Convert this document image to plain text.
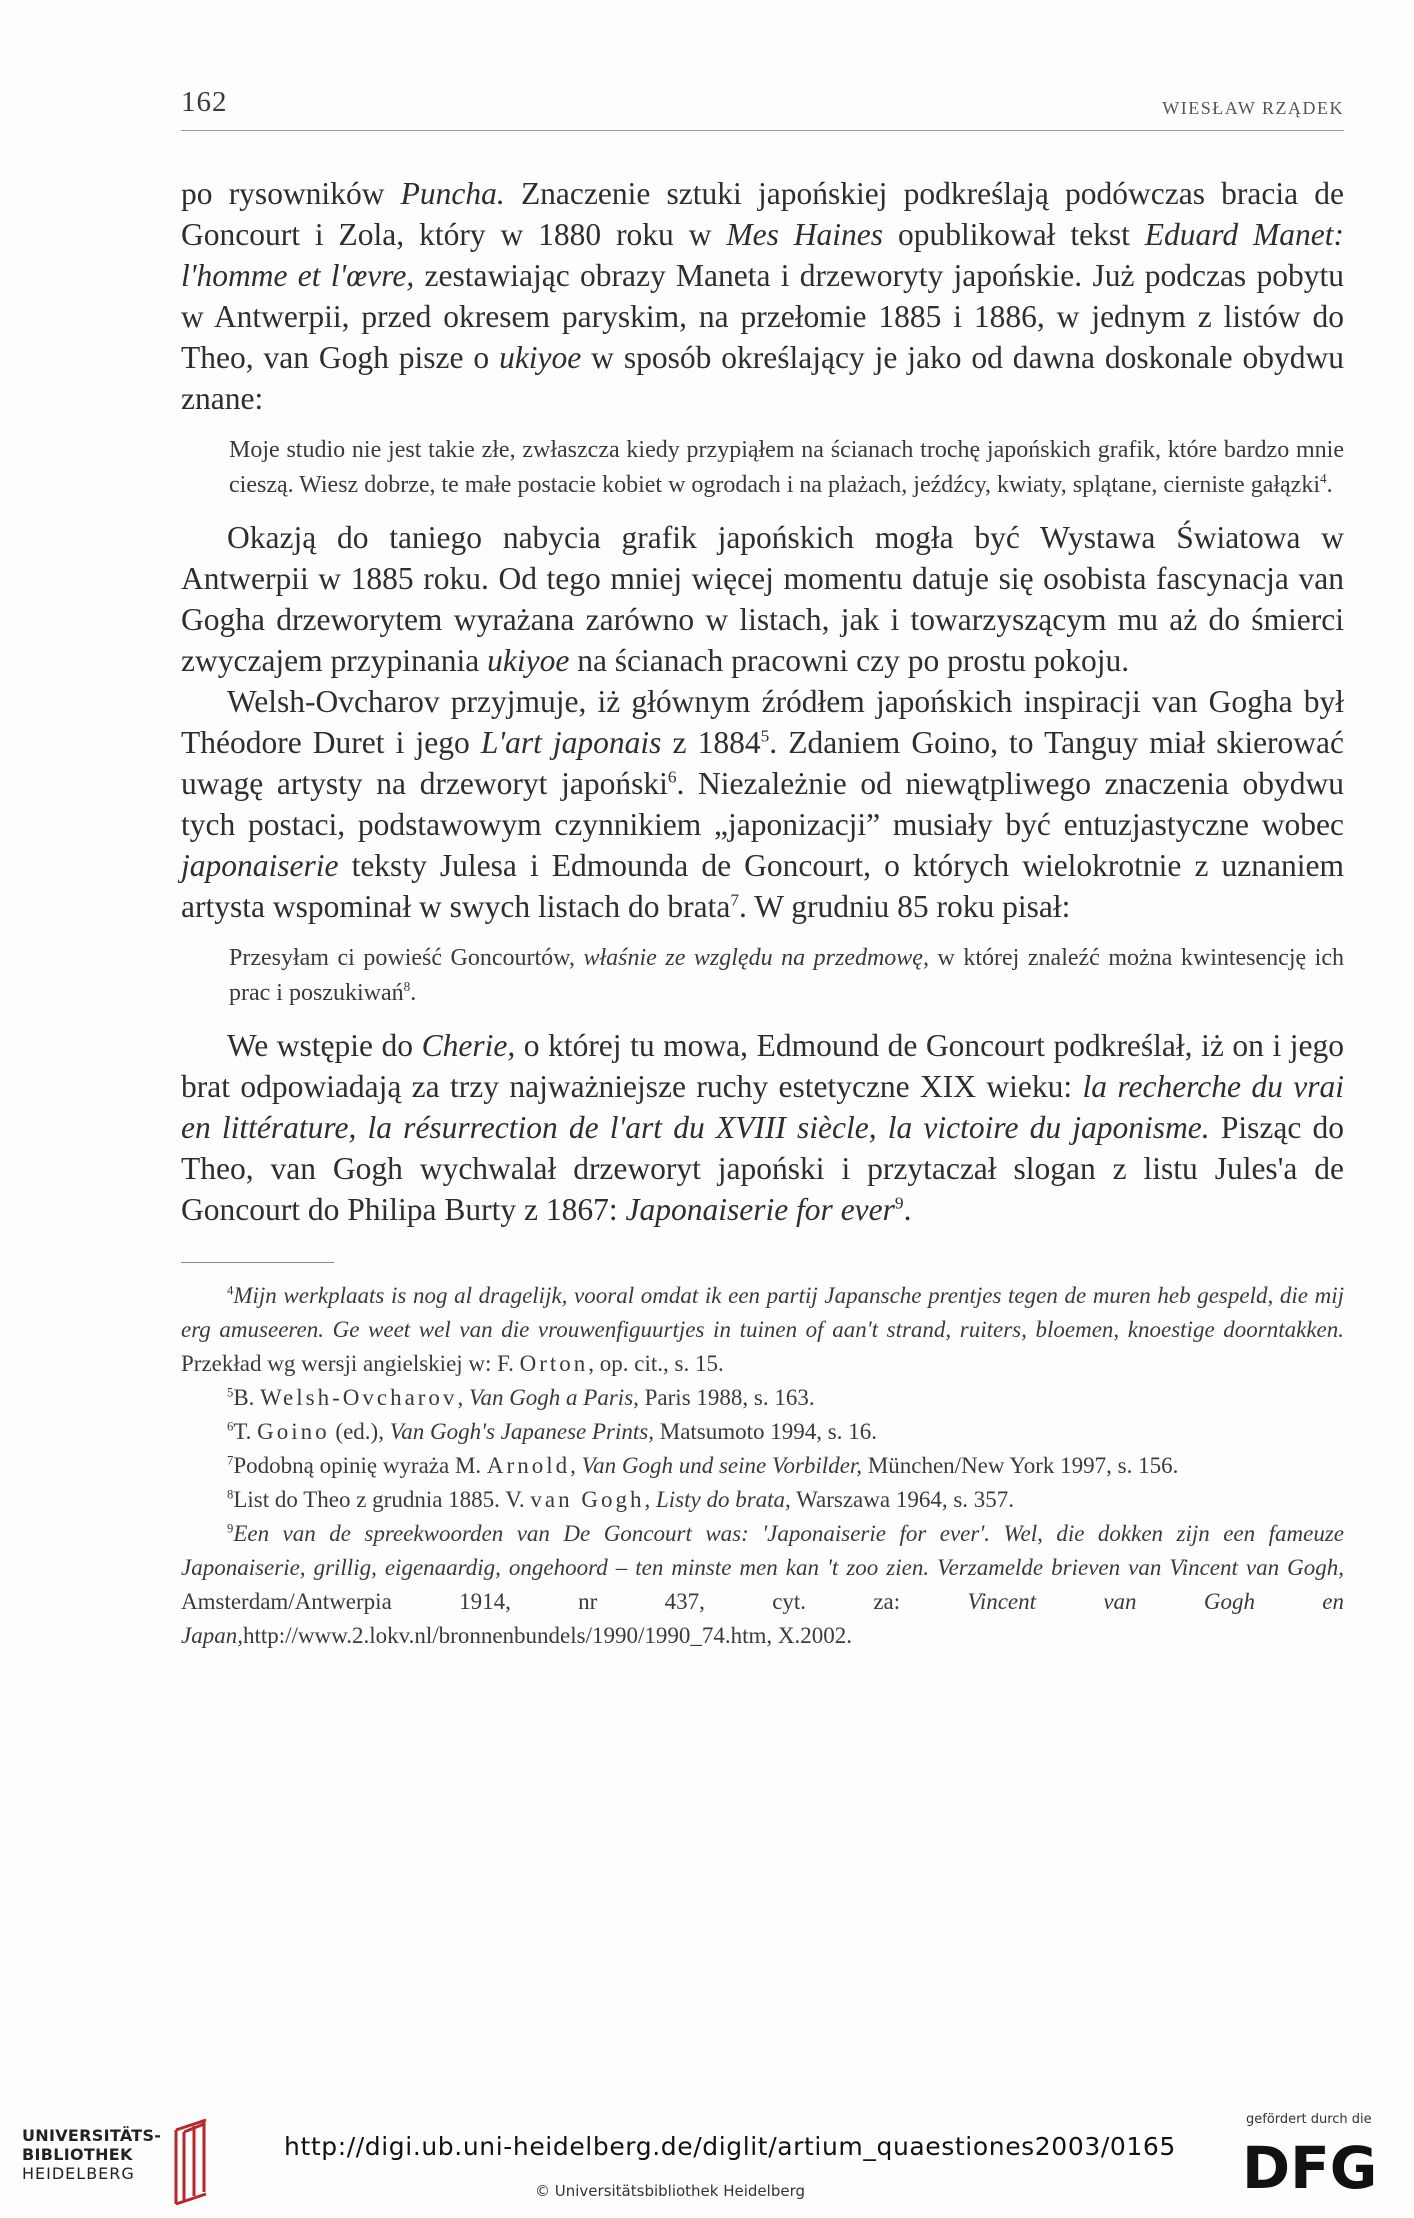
162	WIESŁAW RZĄDEK

po rysowników Puncha. Znaczenie sztuki japońskiej podkreślają podówczas bracia de Goncourt i Zola, który w 1880 roku w Mes Haines opublikował tekst Eduard Manet: l'homme et l'œvre, zestawiając obrazy Maneta i drzeworyty japońskie. Już podczas pobytu w Antwerpii, przed okresem paryskim, na przełomie 1885 i 1886, w jednym z listów do Theo, van Gogh pisze o ukiyoe w sposób określający je jako od dawna doskonale obydwu znane:

Moje studio nie jest takie złe, zwłaszcza kiedy przypiąłem na ścianach trochę japońskich grafik, które bardzo mnie cieszą. Wiesz dobrze, te małe postacie kobiet w ogrodach i na plażach, jeźdźcy, kwiaty, splątane, cierniste gałązki$^4$.

Okazją do taniego nabycia grafik japońskich mogła być Wystawa Światowa w Antwerpii w 1885 roku. Od tego mniej więcej momentu datuje się osobista fascynacja van Gogha drzeworytem wyrażana zarówno w listach, jak i towarzyszącym mu aż do śmierci zwyczajem przypinania ukiyoe na ścianach pracowni czy po prostu pokoju.

Welsh-Ovcharov przyjmuje, iż głównym źródłem japońskich inspiracji van Gogha był Théodore Duret i jego L'art japonais z 1884$^5$. Zdaniem Goino, to Tanguy miał skierować uwagę artysty na drzeworyt japoński$^6$. Niezależnie od niewątpliwego znaczenia obydwu tych postaci, podstawowym czynnikiem „japonizacji” musiały być entuzjastyczne wobec japonaiserie teksty Julesa i Edmounda de Goncourt, o których wielokrotnie z uznaniem artysta wspominał w swych listach do brata$^7$. W grudniu 85 roku pisał:

Przesyłam ci powieść Goncourtów, właśnie ze względu na przedmowę, w której znaleźć można kwintesencję ich prac i poszukiwań$^8$.

We wstępie do Cherie, o której tu mowa, Edmound de Goncourt podkreślał, iż on i jego brat odpowiadają za trzy najważniejsze ruchy estetyczne XIX wieku: la recherche du vrai en littérature, la résurrection de l'art du XVIII siècle, la victoire du japonisme. Pisząc do Theo, van Gogh wychwalał drzeworyt japoński i przytaczał slogan z listu Jules'a de Goncourt do Philipa Burty z 1867: Japonaiserie for ever$^9$.

$^4$Mijn werkplaats is nog al dragelijk, vooral omdat ik een partij Japansche prentjes tegen de muren heb gespeld, die mij erg amuseeren. Ge weet wel van die vrouwenfiguurtjes in tuinen of aan't strand, ruiters, bloemen, knoestige doorntakken. Przekład wg wersji angielskiej w: F. Orton, op. cit., s. 15.

$^5$B. Welsh-Ovcharov, Van Gogh a Paris, Paris 1988, s. 163.

$^6$T. Goino (ed.), Van Gogh's Japanese Prints, Matsumoto 1994, s. 16.

$^7$Podobną opinię wyraża M. Arnold, Van Gogh und seine Vorbilder, München/New York 1997, s. 156.

$^8$List do Theo z grudnia 1885. V. van Gogh, Listy do brata, Warszawa 1964, s. 357.

$^9$Een van de spreekwoorden van De Goncourt was: 'Japonaiserie for ever'. Wel, die dokken zijn een fameuze Japonaiserie, grillig, eigenaardig, ongehoord – ten minste men kan 't zoo zien. Verzamelde brieven van Vincent van Gogh, Amsterdam/Antwerpia 1914, nr 437, cyt. za: Vincent van Gogh en Japan,http://www.2.lokv.nl/bronnenbundels/1990/1990_74.htm, X.2002.

UNIVERSITÄTS-
BIBLIOTHEK
HEIDELBERG
http://digi.ub.uni-heidelberg.de/diglit/artium_quaestiones2003/0165
© Universitätsbibliothek Heidelberg
gefördert durch die
DFG
